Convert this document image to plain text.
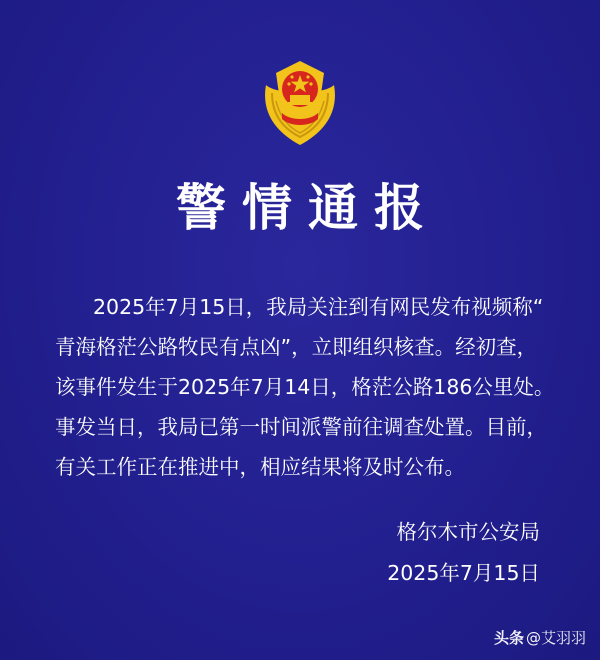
警情通报
2025年7月15日，我局关注到有网民发布视频称“
青海格茫公路牧民有点凶”，立即组织核查。经初查，
该事件发生于2025年7月14日，格茫公路186公里处。
事发当日，我局已第一时间派警前往调查处置。目前，
有关工作正在推进中，相应结果将及时公布。
格尔木市公安局
2025年7月15日
头条 @艾羽羽
